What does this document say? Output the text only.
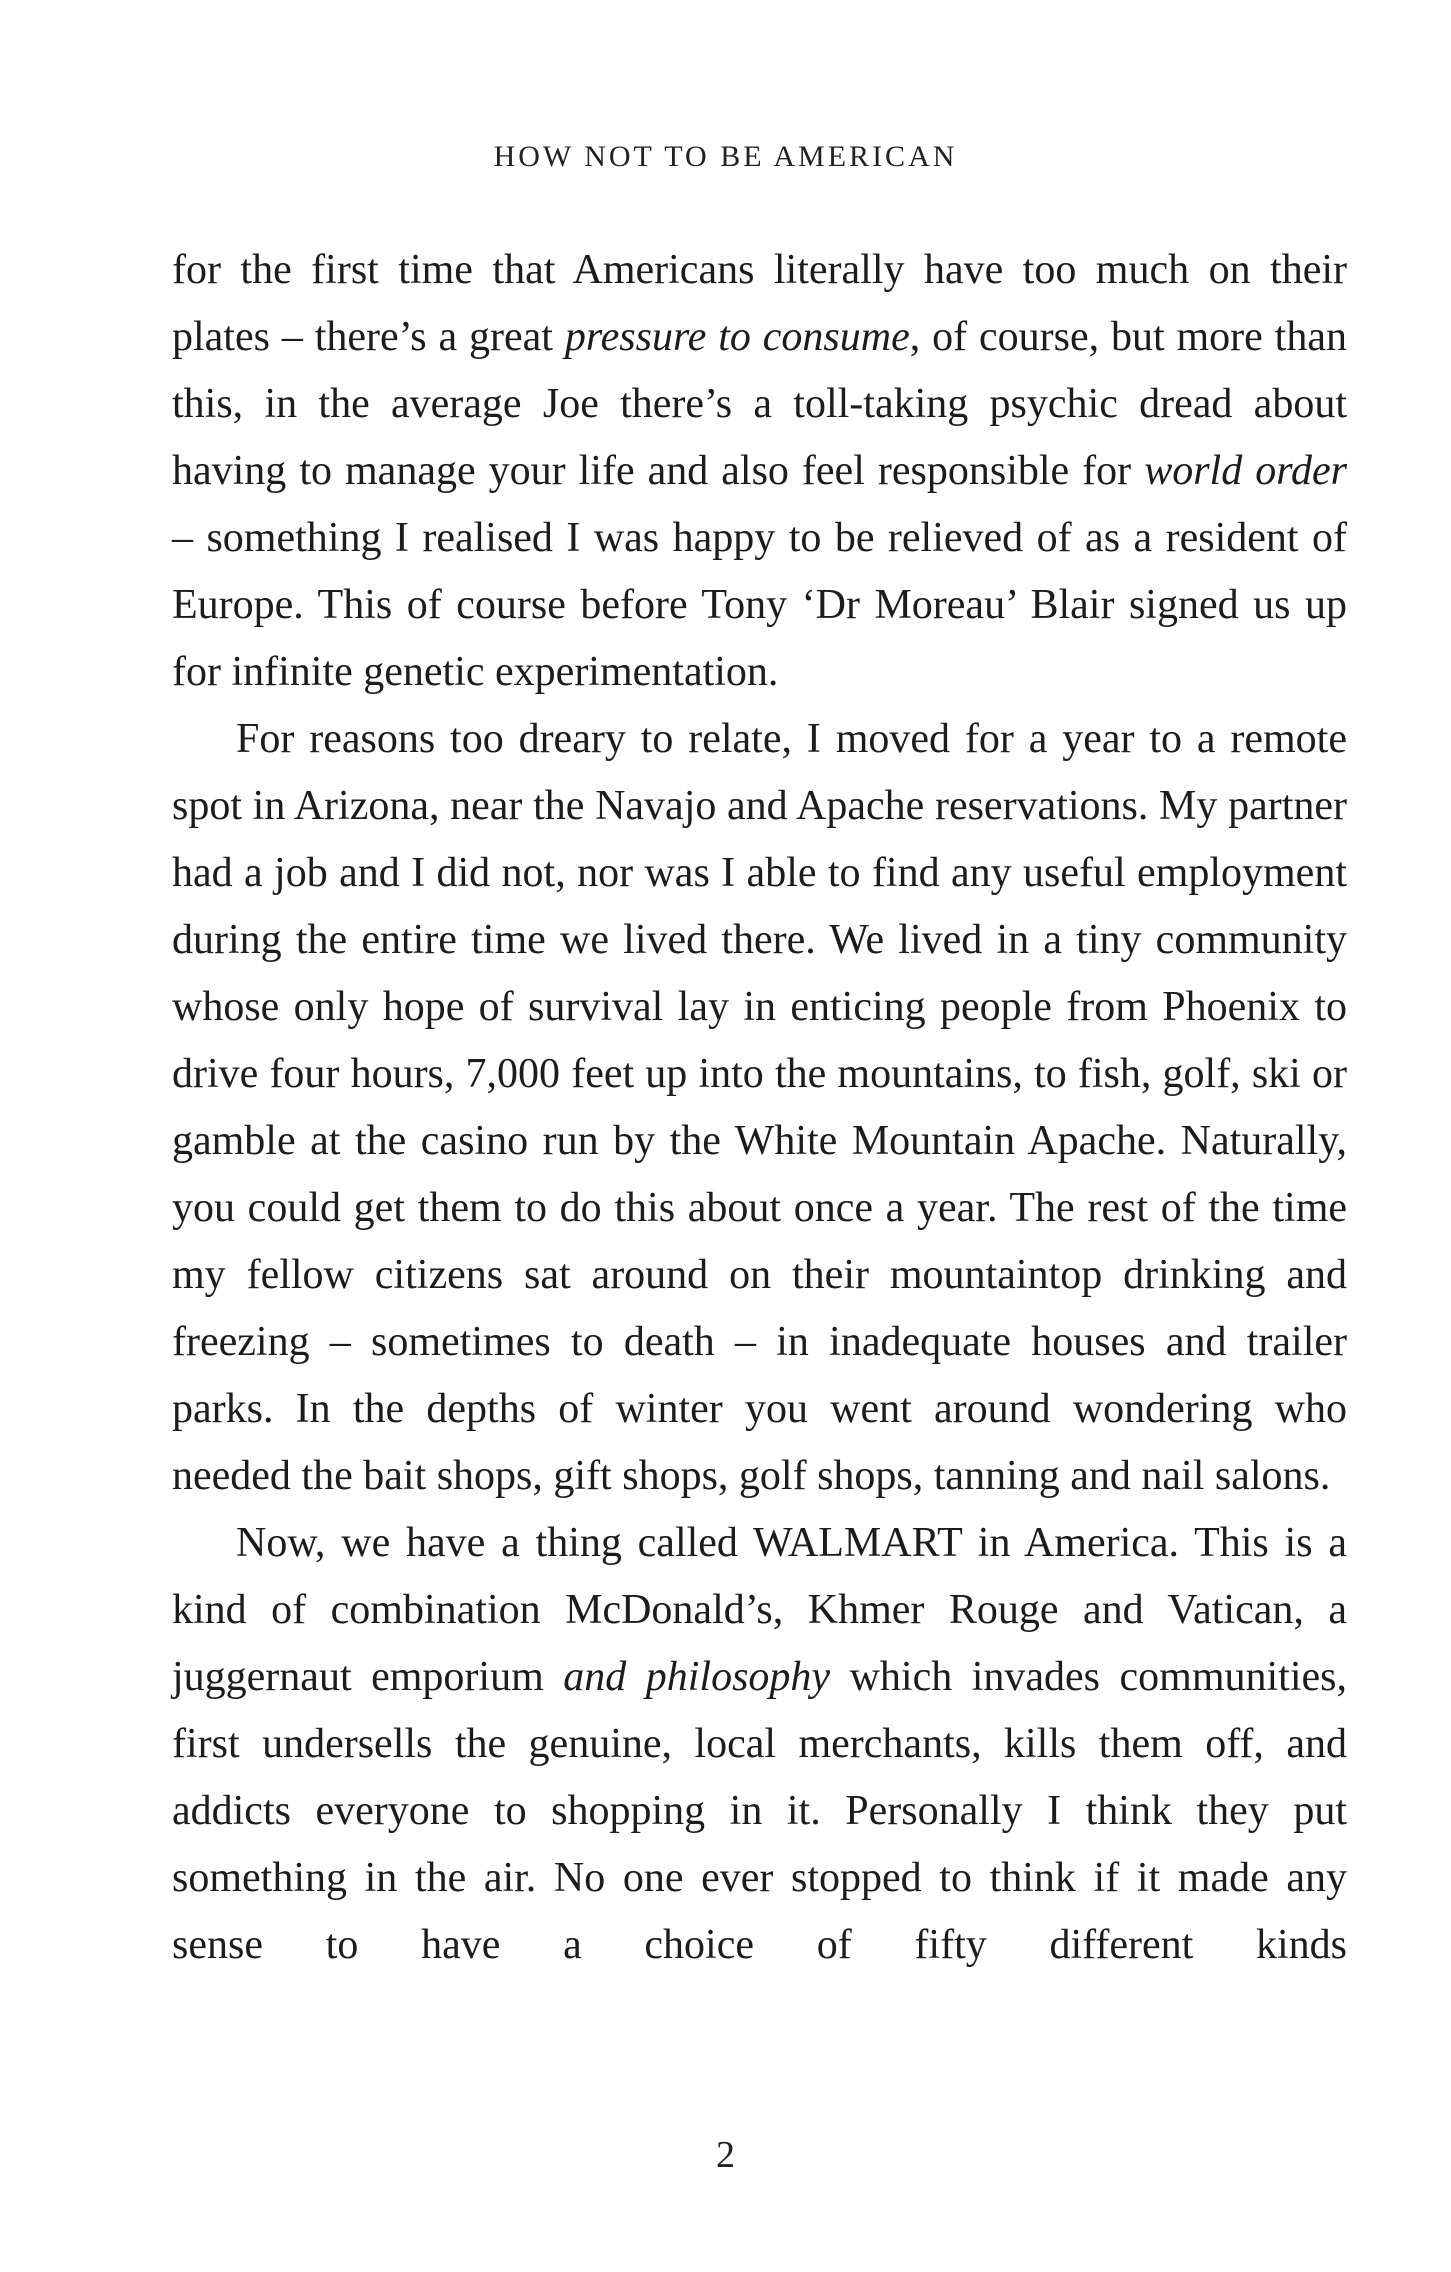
HOW NOT TO BE AMERICAN

for the first time that Americans literally have too much on their plates – there’s a great pressure to consume, of course, but more than this, in the average Joe there’s a toll-taking psychic dread about having to manage your life and also feel responsible for world order – something I realised I was happy to be relieved of as a resident of Europe. This of course before Tony ‘Dr Moreau’ Blair signed us up for infinite genetic experimentation.

For reasons too dreary to relate, I moved for a year to a remote spot in Arizona, near the Navajo and Apache reservations. My partner had a job and I did not, nor was I able to find any useful employment during the entire time we lived there. We lived in a tiny community whose only hope of survival lay in enticing people from Phoenix to drive four hours, 7,000 feet up into the mountains, to fish, golf, ski or gamble at the casino run by the White Mountain Apache. Naturally, you could get them to do this about once a year. The rest of the time my fellow citizens sat around on their mountaintop drinking and freezing – sometimes to death – in inadequate houses and trailer parks. In the depths of winter you went around wondering who needed the bait shops, gift shops, golf shops, tanning and nail salons.

Now, we have a thing called WALMART in America. This is a kind of combination McDonald’s, Khmer Rouge and Vatican, a juggernaut emporium and philosophy which invades communities, first undersells the genuine, local merchants, kills them off, and addicts everyone to shopping in it. Personally I think they put something in the air. No one ever stopped to think if it made any sense to have a choice of fifty different kinds

2
